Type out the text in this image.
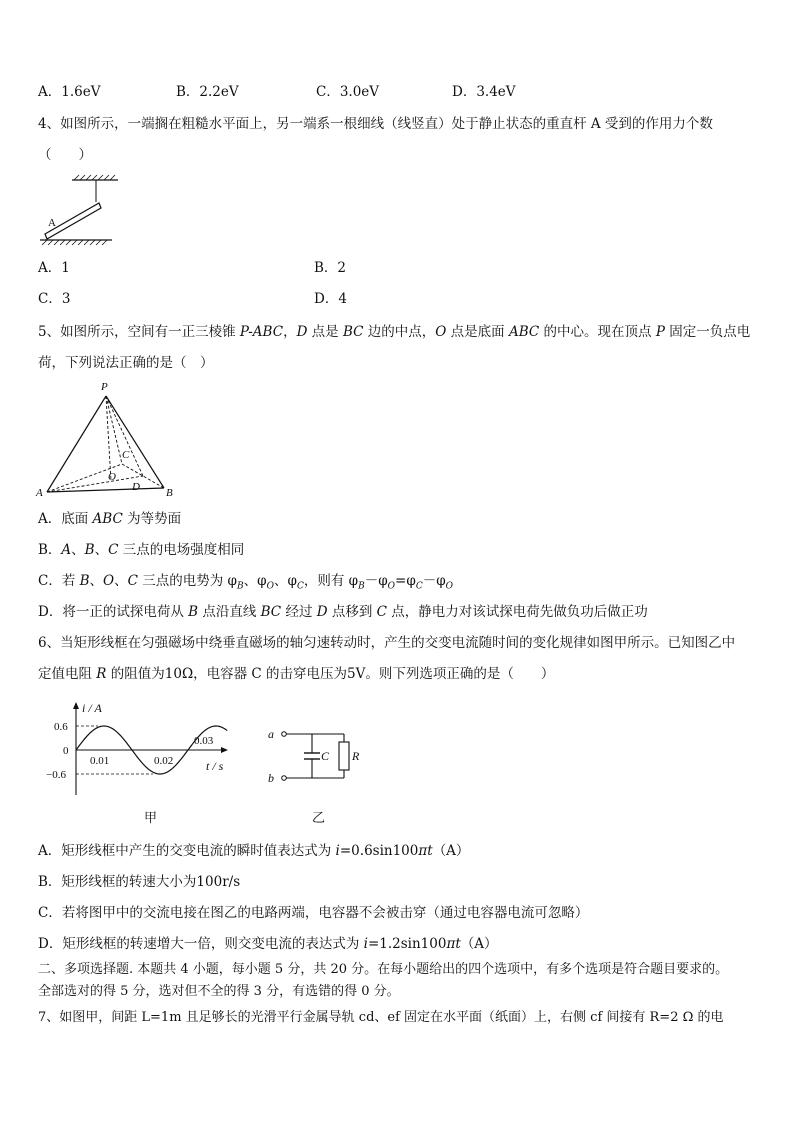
A．1.6eV	B．2.2eV	C．3.0eV	D．3.4eV
4、如图所示，一端搁在粗糙水平面上，另一端系一根细线（线竖直）处于静止状态的重直杆 A 受到的作用力个数
（　　）
A
A．1	B．2
C．3	D．4
5、如图所示，空间有一正三棱锥 P-ABC，D 点是 BC 边的中点，O 点是底面 ABC 的中心。现在顶点 P 固定一负点电
荷，下列说法正确的是（　）
P
C
O
D
A	B
A．底面 ABC 为等势面
B．A、B、C 三点的电场强度相同
C．若 B、O、C 三点的电势为 $\varphi_B$、$\varphi_O$、$\varphi_C$，则有 $\varphi_B-\varphi_O=\varphi_C-\varphi_O$
D．将一正的试探电荷从 B 点沿直线 BC 经过 D 点移到 C 点，静电力对该试探电荷先做负功后做正功
6、当矩形线框在匀强磁场中绕垂直磁场的轴匀速转动时，产生的交变电流随时间的变化规律如图甲所示。已知图乙中
定值电阻 R 的阻值为10Ω，电容器 C 的击穿电压为5V。则下列选项正确的是（　　）
i / A
t / s
0.6
0
−0.6
0.01	0.02
0.03
甲
a
b
C R
乙
A．矩形线框中产生的交变电流的瞬时值表达式为 i=0.6sin100πt（A）
B．矩形线框的转速大小为100r/s
C．若将图甲中的交流电接在图乙的电路两端，电容器不会被击穿（通过电容器电流可忽略）
D．矩形线框的转速增大一倍，则交变电流的表达式为 i=1.2sin100πt（A）
二、多项选择题. 本题共 4 小题，每小题 5 分，共 20 分。在每小题给出的四个选项中，有多个选项是符合题目要求的。
全部选对的得 5 分，选对但不全的得 3 分，有选错的得 0 分。
7、如图甲，间距 L=1m 且足够长的光滑平行金属导轨 cd、ef 固定在水平面（纸面）上，右侧 cf 间接有 R=2 Ω 的电
